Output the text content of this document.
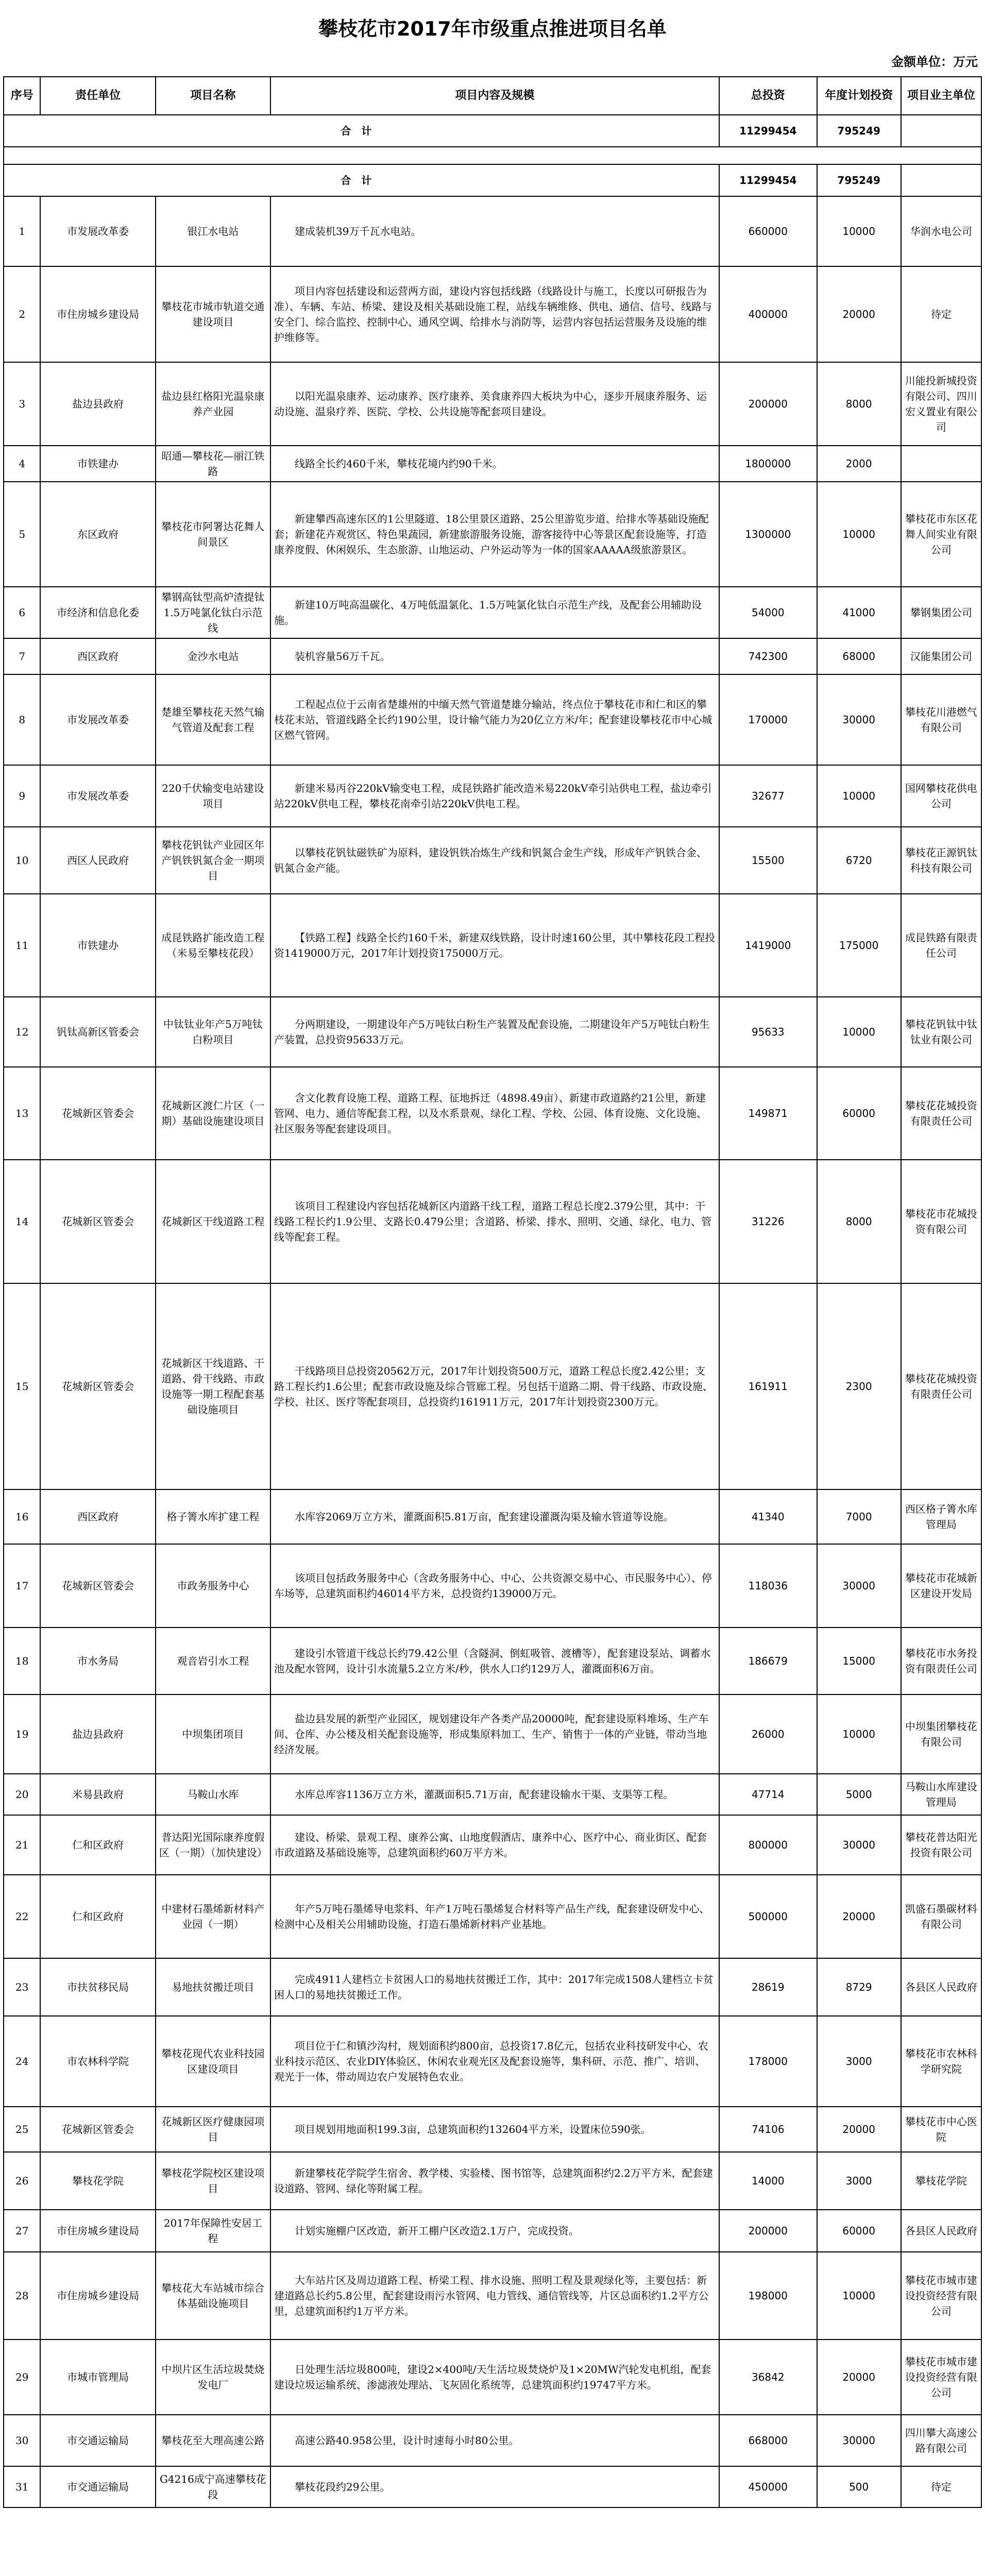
攀枝花市2017年市级重点推进项目名单
金额单位：万元
序号	责任单位	项目名称	项目内容及规模	总投资	年度计划投资	项目业主单位
合计				11299454	795249	

合计				11299454	795249	
1	市发展改革委	银江水电站	建成装机39万千瓦水电站。	660000	10000	华润水电公司
2	市住房城乡建设局	攀枝花市城市轨道交通建设项目	项目内容包括建设和运营两方面，建设内容包括线路（线路设计与施工，长度以可研报告为准）、车辆、车站、桥梁、建设及相关基础设施工程，站线车辆维修、供电、通信、信号、线路与安全门、综合监控、控制中心、通风空调、给排水与消防等，运营内容包括运营服务及设施的维护维修等。	400000	20000	待定
3	盐边县政府	盐边县红格阳光温泉康养产业园	以阳光温泉康养、运动康养、医疗康养、美食康养四大板块为中心，逐步开展康养服务、运动设施、温泉疗养、医院、学校、公共设施等配套项目建设。	200000	8000	川能投新城投资有限公司、四川宏义置业有限公司
4	市铁建办	昭通—攀枝花—丽江铁路	线路全长约460千米，攀枝花境内约90千米。	1800000	2000	
5	东区政府	攀枝花市阿署达花舞人间景区	新建攀西高速东区的1公里隧道、18公里景区道路、25公里游览步道、给排水等基础设施配套；新建花卉观赏区、特色果蔬园，新建旅游服务设施，游客接待中心等景区配套设施等，打造康养度假、休闲娱乐、生态旅游、山地运动、户外运动等为一体的国家AAAAA级旅游景区。	1300000	10000	攀枝花市东区花舞人间实业有限公司
6	市经济和信息化委	攀钢高钛型高炉渣提钛1.5万吨氯化钛白示范线	新建10万吨高温碳化、4万吨低温氯化、1.5万吨氯化钛白示范生产线，及配套公用辅助设施。	54000	41000	攀钢集团公司
7	西区政府	金沙水电站	装机容量56万千瓦。	742300	68000	汉能集团公司
8	市发展改革委	楚雄至攀枝花天然气输气管道及配套工程	工程起点位于云南省楚雄州的中缅天然气管道楚雄分输站，终点位于攀枝花市和仁和区的攀枝花末站，管道线路全长约190公里，设计输气能力为20亿立方米/年；配套建设攀枝花市中心城区燃气管网。	170000	30000	攀枝花川港燃气有限公司
9	市发展改革委	220千伏输变电站建设项目	新建米易丙谷220kV输变电工程，成昆铁路扩能改造米易220kV牵引站供电工程，盐边牵引站220kV供电工程，攀枝花南牵引站220kV供电工程。	32677	10000	国网攀枝花供电公司
10	西区人民政府	攀枝花钒钛产业园区年产钒铁钒氮合金一期项目	以攀枝花钒钛磁铁矿为原料，建设钒铁冶炼生产线和钒氮合金生产线，形成年产钒铁合金、钒氮合金产能。	15500	6720	攀枝花正源钒钛科技有限公司
11	市铁建办	成昆铁路扩能改造工程（米易至攀枝花段）	【铁路工程】线路全长约160千米，新建双线铁路，设计时速160公里，其中攀枝花段工程投资1419000万元，2017年计划投资175000万元。	1419000	175000	成昆铁路有限责任公司
12	钒钛高新区管委会	中钛钛业年产5万吨钛白粉项目	分两期建设，一期建设年产5万吨钛白粉生产装置及配套设施，二期建设年产5万吨钛白粉生产装置，总投资95633万元。	95633	10000	攀枝花钒钛中钛钛业有限公司
13	花城新区管委会	花城新区渡仁片区（一期）基础设施建设项目	含文化教育设施工程、道路工程、征地拆迁（4898.49亩）、新建市政道路约21公里，新建管网、电力、通信等配套工程，以及水系景观、绿化工程、学校、公园、体育设施、文化设施、社区服务等配套建设项目。	149871	60000	攀枝花花城投资有限责任公司
14	花城新区管委会	花城新区干线道路工程	该项目工程建设内容包括花城新区内道路干线工程，道路工程总长度2.379公里，其中：干线路工程长约1.9公里、支路长0.479公里；含道路、桥梁、排水、照明、交通、绿化、电力、管线等配套工程。	31226	8000	攀枝花市花城投资有限公司
15	花城新区管委会	花城新区干线道路、干道路、骨干线路、市政设施等一期工程配套基础设施项目	干线路项目总投资20562万元，2017年计划投资500万元，道路工程总长度2.42公里；支路工程长约1.6公里；配套市政设施及综合管廊工程。另包括干道路二期、骨干线路、市政设施、学校、社区、医疗等配套项目，总投资约161911万元，2017年计划投资2300万元。	161911	2300	攀枝花花城投资有限责任公司
16	西区政府	格子箐水库扩建工程	水库容2069万立方米，灌溉面积5.81万亩，配套建设灌溉沟渠及输水管道等设施。	41340	7000	西区格子箐水库管理局
17	花城新区管委会	市政务服务中心	该项目包括政务服务中心（含政务服务中心、中心、公共资源交易中心、市民服务中心）、停车场等，总建筑面积约46014平方米，总投资约139000万元。	118036	30000	攀枝花市花城新区建设开发局
18	市水务局	观音岩引水工程	建设引水管道干线总长约79.42公里（含隧洞、倒虹吸管、渡槽等），配套建设泵站、调蓄水池及配水管网，设计引水流量5.2立方米/秒，供水人口约129万人，灌溉面积6万亩。	186679	15000	攀枝花市水务投资有限责任公司
19	盐边县政府	中坝集团项目	盐边县发展的新型产业园区，规划建设年产各类产品20000吨，配套建设原料堆场、生产车间、仓库、办公楼及相关配套设施等，形成集原料加工、生产、销售于一体的产业链，带动当地经济发展。	26000	10000	中坝集团攀枝花有限公司
20	米易县政府	马鞍山水库	水库总库容1136万立方米，灌溉面积5.71万亩，配套建设输水干渠、支渠等工程。	47714	5000	马鞍山水库建设管理局
21	仁和区政府	普达阳光国际康养度假区（一期）（加快建设）	建设、桥梁、景观工程、康养公寓、山地度假酒店、康养中心、医疗中心、商业街区、配套市政道路及基础设施等，总建筑面积约60万平方米。	800000	30000	攀枝花普达阳光投资有限公司
22	仁和区政府	中建材石墨烯新材料产业园（一期）	年产5万吨石墨烯导电浆料、年产1万吨石墨烯复合材料等产品生产线，配套建设研发中心、检测中心及相关公用辅助设施，打造石墨烯新材料产业基地。	500000	20000	凯盛石墨碳材料有限公司
23	市扶贫移民局	易地扶贫搬迁项目	完成4911人建档立卡贫困人口的易地扶贫搬迁工作，其中：2017年完成1508人建档立卡贫困人口的易地扶贫搬迁工作。	28619	8729	各县区人民政府
24	市农林科学院	攀枝花现代农业科技园区建设项目	项目位于仁和镇沙沟村，规划面积约800亩，总投资17.8亿元，包括农业科技研发中心、农业科技示范区、农业DIY体验区、休闲农业观光区及配套设施等，集科研、示范、推广、培训、观光于一体，带动周边农户发展特色农业。	178000	3000	攀枝花市农林科学研究院
25	花城新区管委会	花城新区医疗健康园项目	项目规划用地面积199.3亩，总建筑面积约132604平方米，设置床位590张。	74106	20000	攀枝花市中心医院
26	攀枝花学院	攀枝花学院校区建设项目	新建攀枝花学院学生宿舍、教学楼、实验楼、图书馆等，总建筑面积约2.2万平方米，配套建设道路、管网、绿化等附属工程。	14000	3000	攀枝花学院
27	市住房城乡建设局	2017年保障性安居工程	计划实施棚户区改造，新开工棚户区改造2.1万户，完成投资。	200000	60000	各县区人民政府
28	市住房城乡建设局	攀枝花大车站城市综合体基础设施项目	大车站片区及周边道路工程、桥梁工程、排水设施、照明工程及景观绿化等，主要包括：新建道路总长约5.8公里，配套建设雨污水管网、电力管线、通信管线等，片区总面积约1.2平方公里，总建筑面积约1万平方米。	198000	10000	攀枝花市城市建设投资经营有限公司
29	市城市管理局	中坝片区生活垃圾焚烧发电厂	日处理生活垃圾800吨，建设2×400吨/天生活垃圾焚烧炉及1×20MW汽轮发电机组，配套建设垃圾运输系统、渗滤液处理站、飞灰固化系统等，总建筑面积约19747平方米。	36842	20000	攀枝花市城市建设投资经营有限公司
30	市交通运输局	攀枝花至大理高速公路	高速公路40.958公里，设计时速每小时80公里。	668000	30000	四川攀大高速公路有限公司
31	市交通运输局	G4216成宁高速攀枝花段	攀枝花段约29公里。	450000	500	待定
